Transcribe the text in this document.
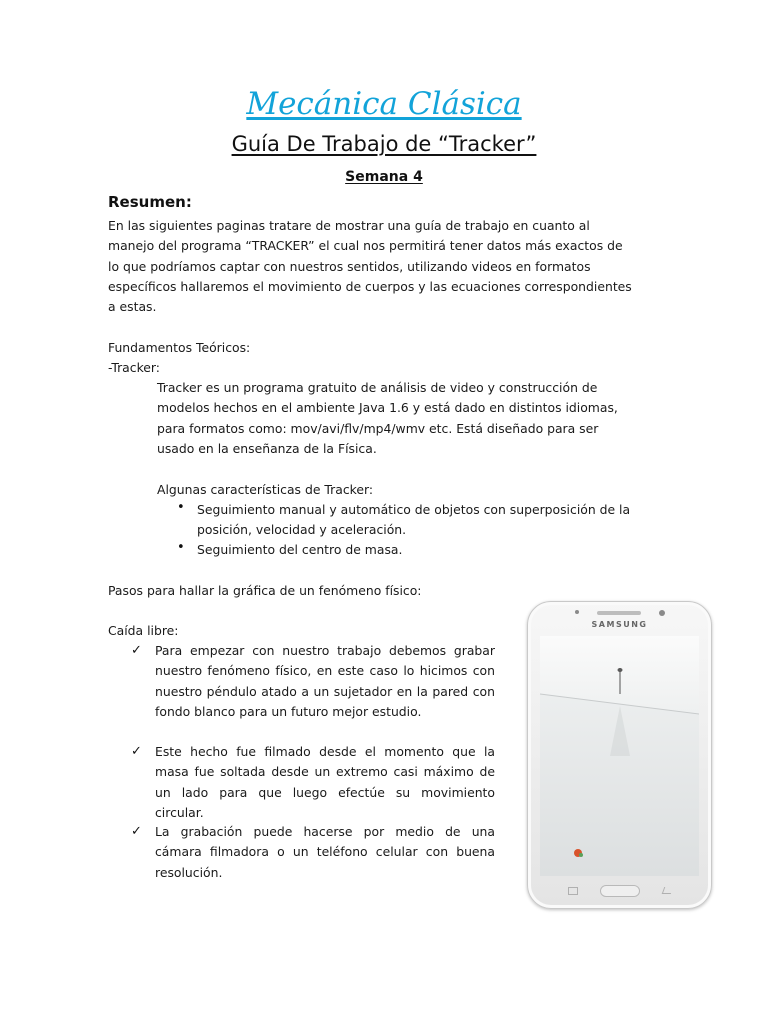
Mecánica Clásica
Guía De Trabajo de “Tracker”
Semana 4
Resumen:
En las siguientes paginas tratare de mostrar una guía de trabajo en cuanto al
manejo del programa “TRACKER” el cual nos permitirá tener datos más exactos de
lo que podríamos captar con nuestros sentidos, utilizando videos en formatos
específicos hallaremos el movimiento de cuerpos y las ecuaciones correspondientes
a estas.
Fundamentos Teóricos:
-Tracker:
Tracker es un programa gratuito de análisis de video y construcción de
modelos hechos en el ambiente Java 1.6 y está dado en distintos idiomas,
para formatos como: mov/avi/flv/mp4/wmv etc. Está diseñado para ser
usado en la enseñanza de la Física.
Algunas características de Tracker:
• Seguimiento manual y automático de objetos con superposición de la
posición, velocidad y aceleración.
• Seguimiento del centro de masa.
Pasos para hallar la gráfica de un fenómeno físico:
Caída libre:
✓	Para empezar con nuestro trabajo debemos grabar nuestro fenómeno físico, en este caso lo hicimos con nuestro péndulo atado a un sujetador en la pared con fondo blanco para un futuro mejor estudio.
✓	Este hecho fue filmado desde el momento que la masa fue soltada desde un extremo casi máximo de un lado para que luego efectúe su movimiento circular.
✓	La grabación puede hacerse por medio de una cámara filmadora o un teléfono celular con buena resolución.
SAMSUNG
